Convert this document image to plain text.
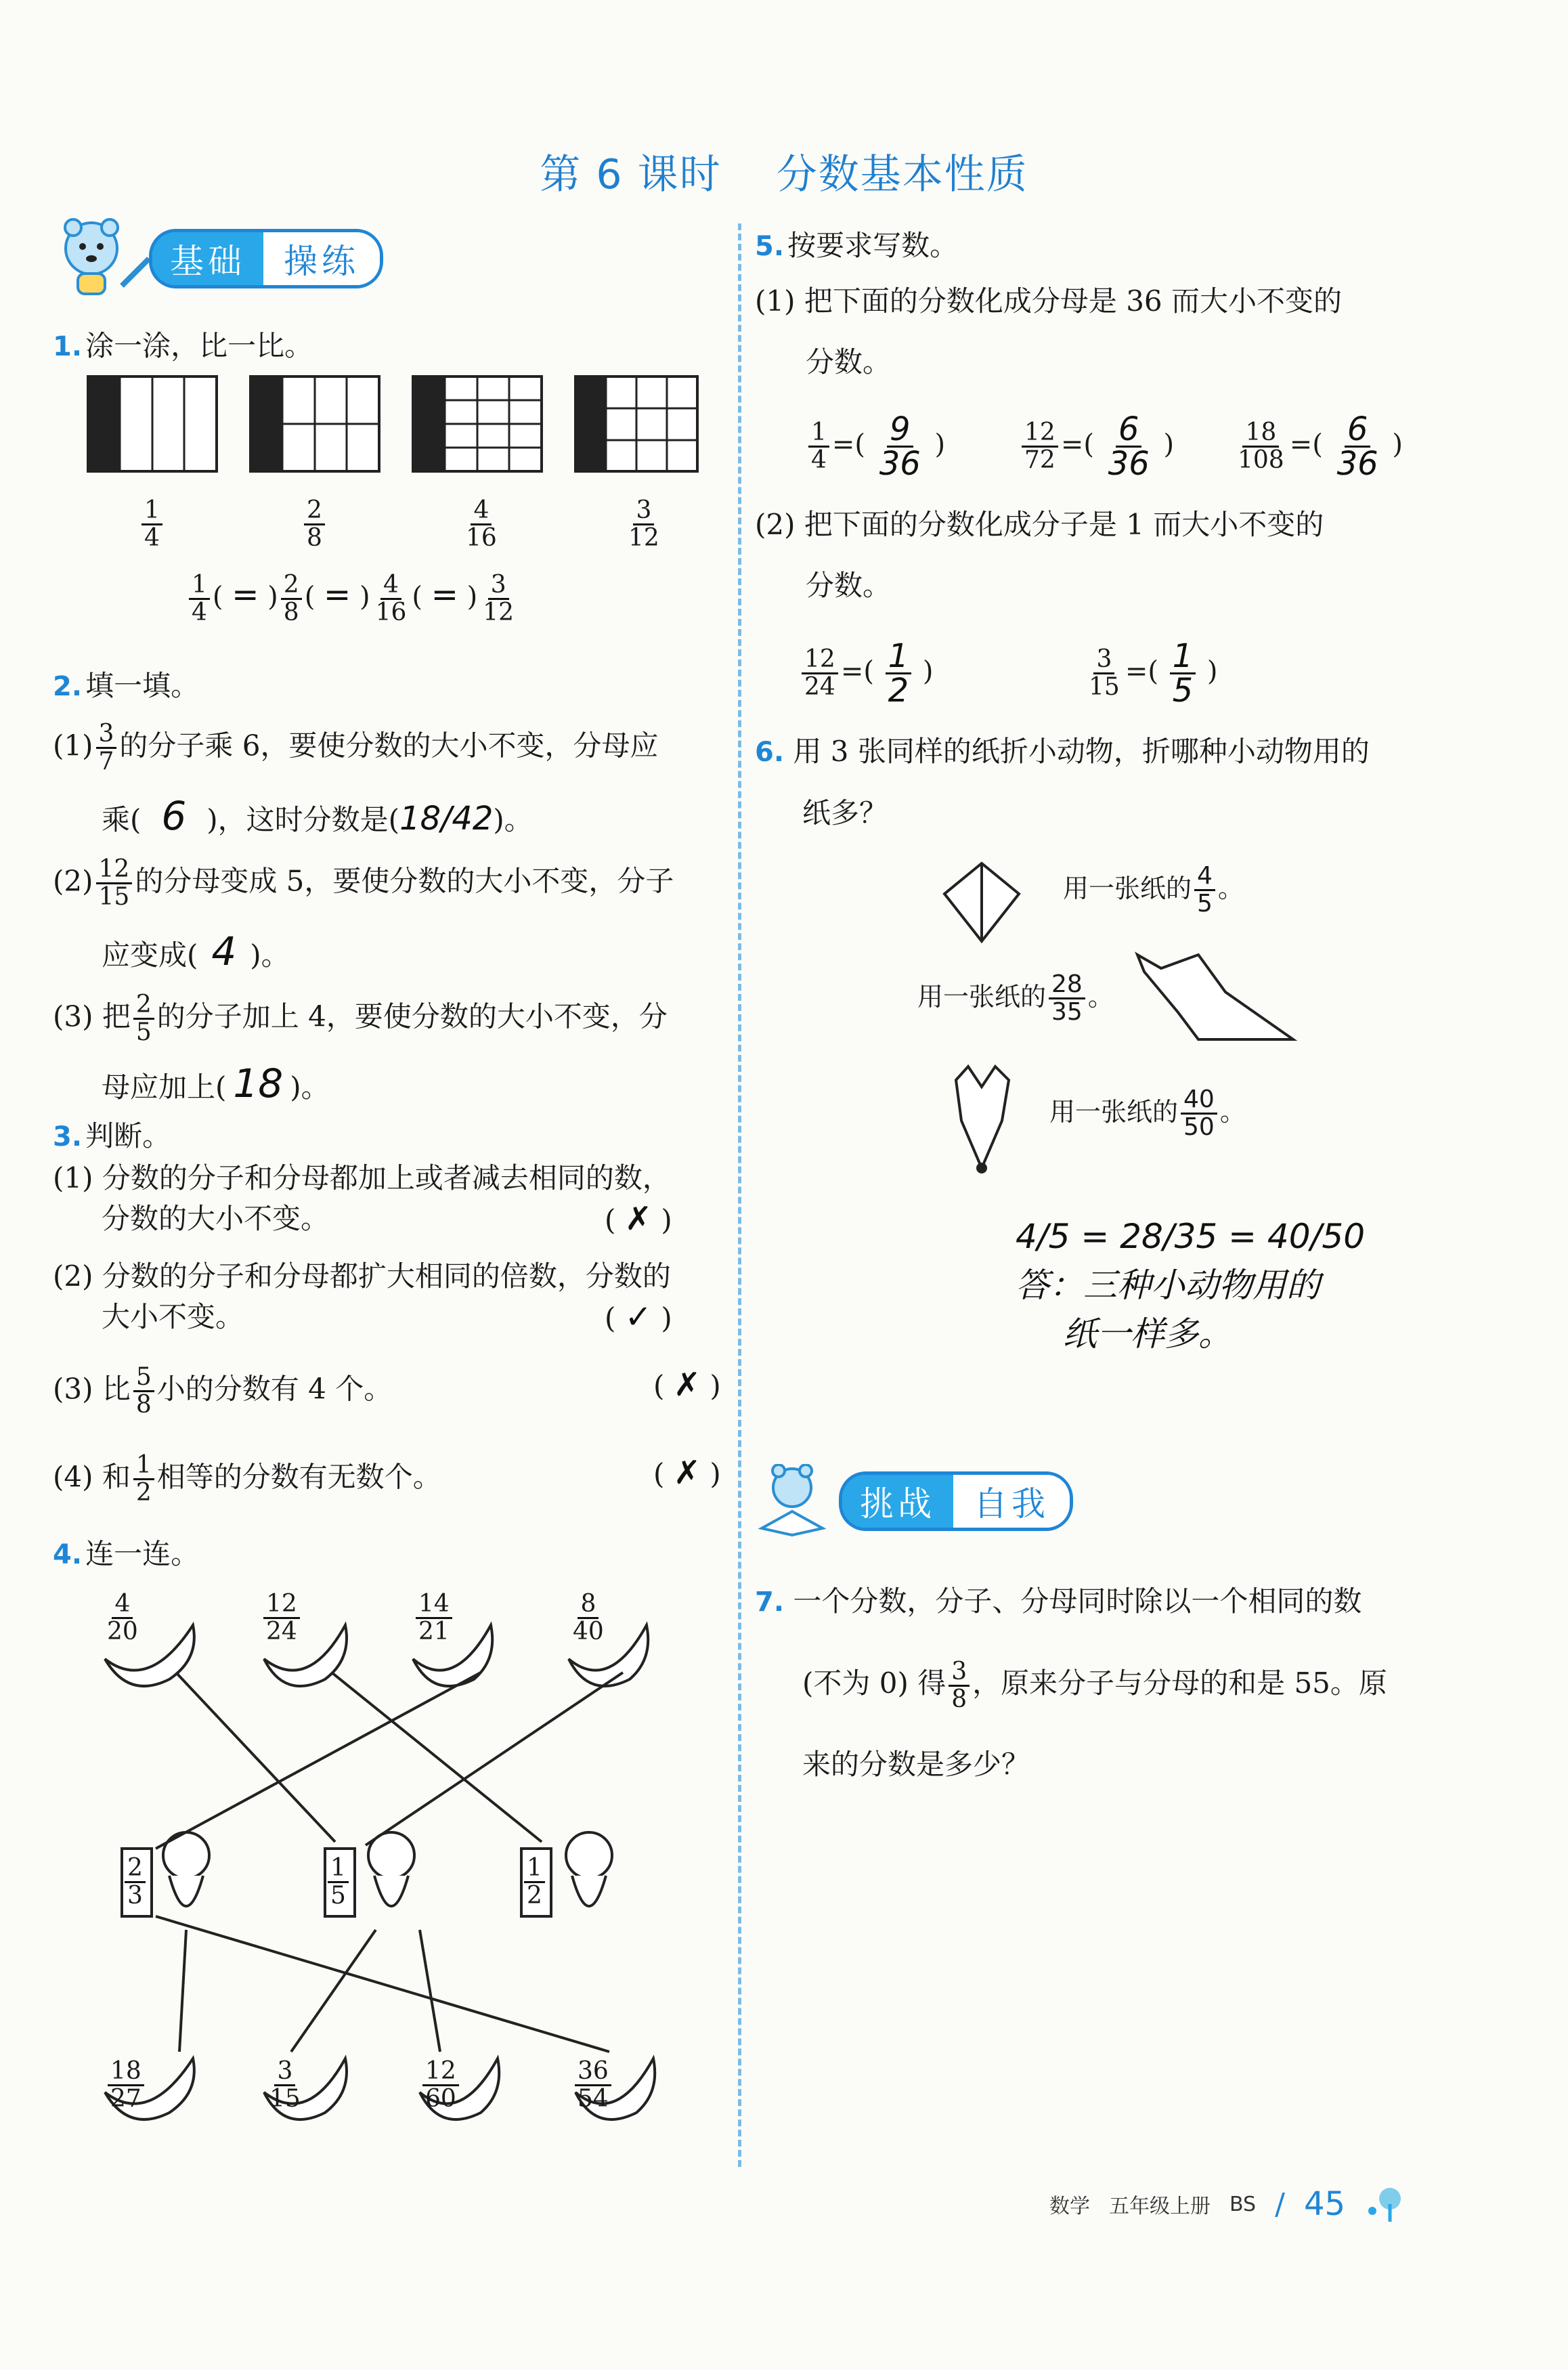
第 6 课时 分数基本性质
基础	操练
1. 涂一涂，比一比。
$\frac{1}{4}$	$\frac{2}{8}$	$\frac{4}{16}$	$\frac{3}{12}$
$\frac{1}{4}$ ( = ) $\frac{2}{8}$ ( = ) $\frac{4}{16}$ ( = ) $\frac{3}{12}$
2. 填一填。
$(1) \frac{3}{7}$ 的分子乘 6，要使分数的大小不变，分母应
乘( 6 )，这时分数是(18/42)。
$(2) \frac{12}{15}$ 的分母变成 5，要使分数的大小不变，分子
应变成( 4 )。
(3) 把 $\frac{2}{5}$ 的分子加上 4，要使分数的大小不变，分
母应加上( 18 )。
3. 判断。
(1) 分数的分子和分母都加上或者减去相同的数，
分数的大小不变。	( ✗ )
(2) 分数的分子和分母都扩大相同的倍数，分数的
大小不变。	( ✓ )
(3) 比 $\frac{5}{8}$ 小的分数有 4 个。	( ✗ )
(4) 和 $\frac{1}{2}$ 相等的分数有无数个。	( ✗ )
4. 连一连。
$\frac{4}{20}$	$\frac{12}{24}$	$\frac{14}{21}$	$\frac{8}{40}$
$\frac{2}{3}$	$\frac{1}{5}$	$\frac{1}{2}$
$\frac{18}{27}$	$\frac{3}{15}$	$\frac{12}{60}$	$\frac{36}{54}$
5. 按要求写数。
(1) 把下面的分数化成分母是 36 而大小不变的
分数。
$\frac{1}{4}$ =( $\frac{9}{36}$ )	$\frac{12}{72}$ =( $\frac{6}{36}$ ) $\frac{18}{108}$ =( $\frac{6}{36}$ )
(2) 把下面的分数化成分子是 1 而大小不变的
分数。
$\frac{12}{24}$ =( $\frac{1}{2}$ )	$\frac{3}{15}$ =( $\frac{1}{5}$ )
6. 用 3 张同样的纸折小动物，折哪种小动物用的
纸多？
用一张纸的 $\frac{4}{5}$ 。
用一张纸的 $\frac{28}{35}$ 。
用一张纸的 $\frac{40}{50}$ 。
4/5 = 28/35 = 40/50
答：三种小动物用的
纸一样多。
挑战	自我
7. 一个分数，分子、分母同时除以一个相同的数
(不为 0) 得 $\frac{3}{8}$ ，原来分子与分母的和是 55。原
来的分数是多少？
数学 五年级上册 BS / 45
